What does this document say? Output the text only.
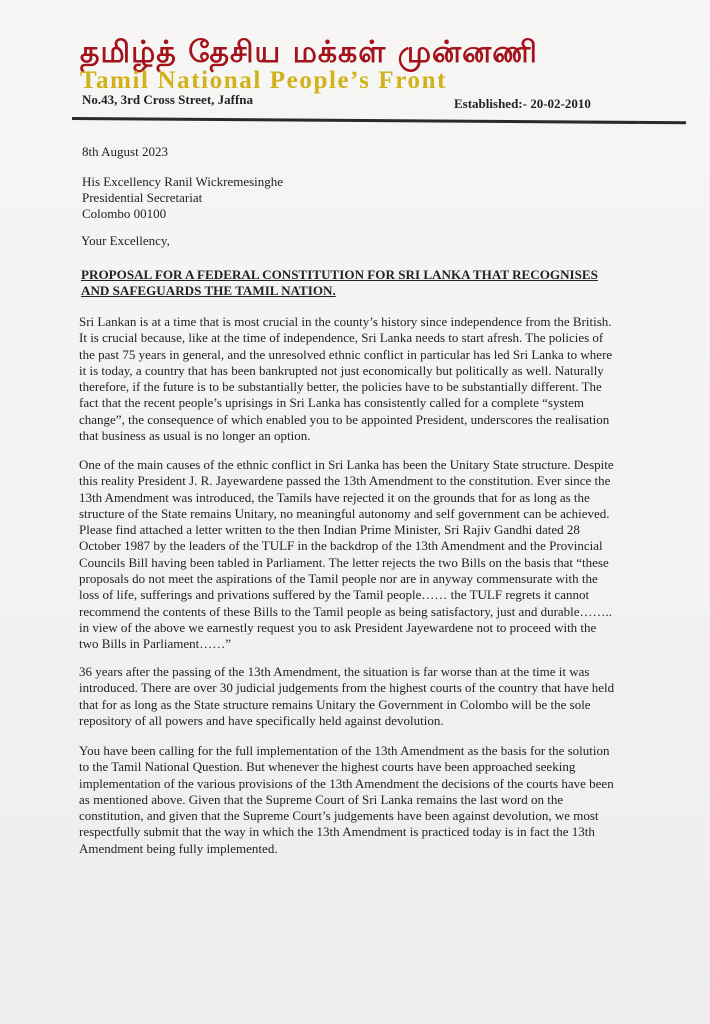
தமிழ்த் தேசிய மக்கள் முன்னணி
Tamil National People’s Front
No.43, 3rd Cross Street, Jaffna	Established:- 20-02-2010
8th August 2023
His Excellency Ranil Wickremesinghe
Presidential Secretariat
Colombo 00100
Your Excellency,
PROPOSAL FOR A FEDERAL CONSTITUTION FOR SRI LANKA THAT RECOGNISES
AND SAFEGUARDS THE TAMIL NATION.
Sri Lankan is at a time that is most crucial in the county’s history since independence from the British.
It is crucial because, like at the time of independence, Sri Lanka needs to start afresh. The policies of
the past 75 years in general, and the unresolved ethnic conflict in particular has led Sri Lanka to where
it is today, a country that has been bankrupted not just economically but politically as well. Naturally
therefore, if the future is to be substantially better, the policies have to be substantially different. The
fact that the recent people’s uprisings in Sri Lanka has consistently called for a complete “system
change”, the consequence of which enabled you to be appointed President, underscores the realisation
that business as usual is no longer an option.
One of the main causes of the ethnic conflict in Sri Lanka has been the Unitary State structure. Despite
this reality President J. R. Jayewardene passed the 13th Amendment to the constitution. Ever since the
13th Amendment was introduced, the Tamils have rejected it on the grounds that for as long as the
structure of the State remains Unitary, no meaningful autonomy and self government can be achieved.
Please find attached a letter written to the then Indian Prime Minister, Sri Rajiv Gandhi dated 28
October 1987 by the leaders of the TULF in the backdrop of the 13th Amendment and the Provincial
Councils Bill having been tabled in Parliament. The letter rejects the two Bills on the basis that “these
proposals do not meet the aspirations of the Tamil people nor are in anyway commensurate with the
loss of life, sufferings and privations suffered by the Tamil people…… the TULF regrets it cannot
recommend the contents of these Bills to the Tamil people as being satisfactory, just and durable……..
in view of the above we earnestly request you to ask President Jayewardene not to proceed with the
two Bills in Parliament……”
36 years after the passing of the 13th Amendment, the situation is far worse than at the time it was
introduced. There are over 30 judicial judgements from the highest courts of the country that have held
that for as long as the State structure remains Unitary the Government in Colombo will be the sole
repository of all powers and have specifically held against devolution.
You have been calling for the full implementation of the 13th Amendment as the basis for the solution
to the Tamil National Question. But whenever the highest courts have been approached seeking
implementation of the various provisions of the 13th Amendment the decisions of the courts have been
as mentioned above. Given that the Supreme Court of Sri Lanka remains the last word on the
constitution, and given that the Supreme Court’s judgements have been against devolution, we most
respectfully submit that the way in which the 13th Amendment is practiced today is in fact the 13th
Amendment being fully implemented.
